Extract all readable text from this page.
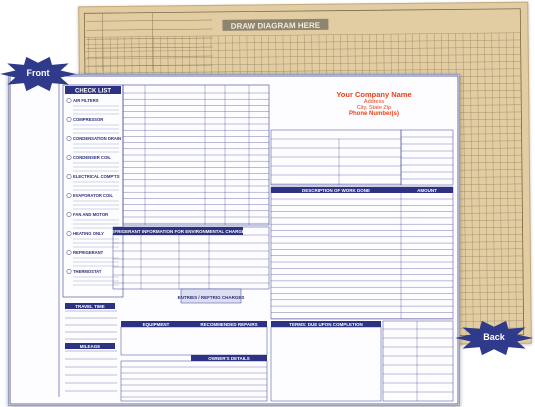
DRAW DIAGRAM HERE
CHECK LIST
AIR FILTERS
COMPRESSOR
CONDENSATION DRAIN
CONDENSER COIL
ELECTRICAL COMP'TS
EVAPORATOR COIL
FAN AND MOTOR
HEATING ONLY
REFRIGERANT
THERMOSTAT
REFRIGERANT INFORMATION FOR ENVIRONMENTAL CHARGES
ENTRIES / REFTRIG CHARGES
TRAVEL TIME
MILEAGE
EQUIPMENT	RECOMMENDED REPAIRS
OWNER'S DETAILS
DESCRIPTION OF WORK DONE	AMOUNT
TERMS: DUE UPON COMPLETION
Your Company Name
Address
City, State Zip
Phone Number(s)
Front
Back
